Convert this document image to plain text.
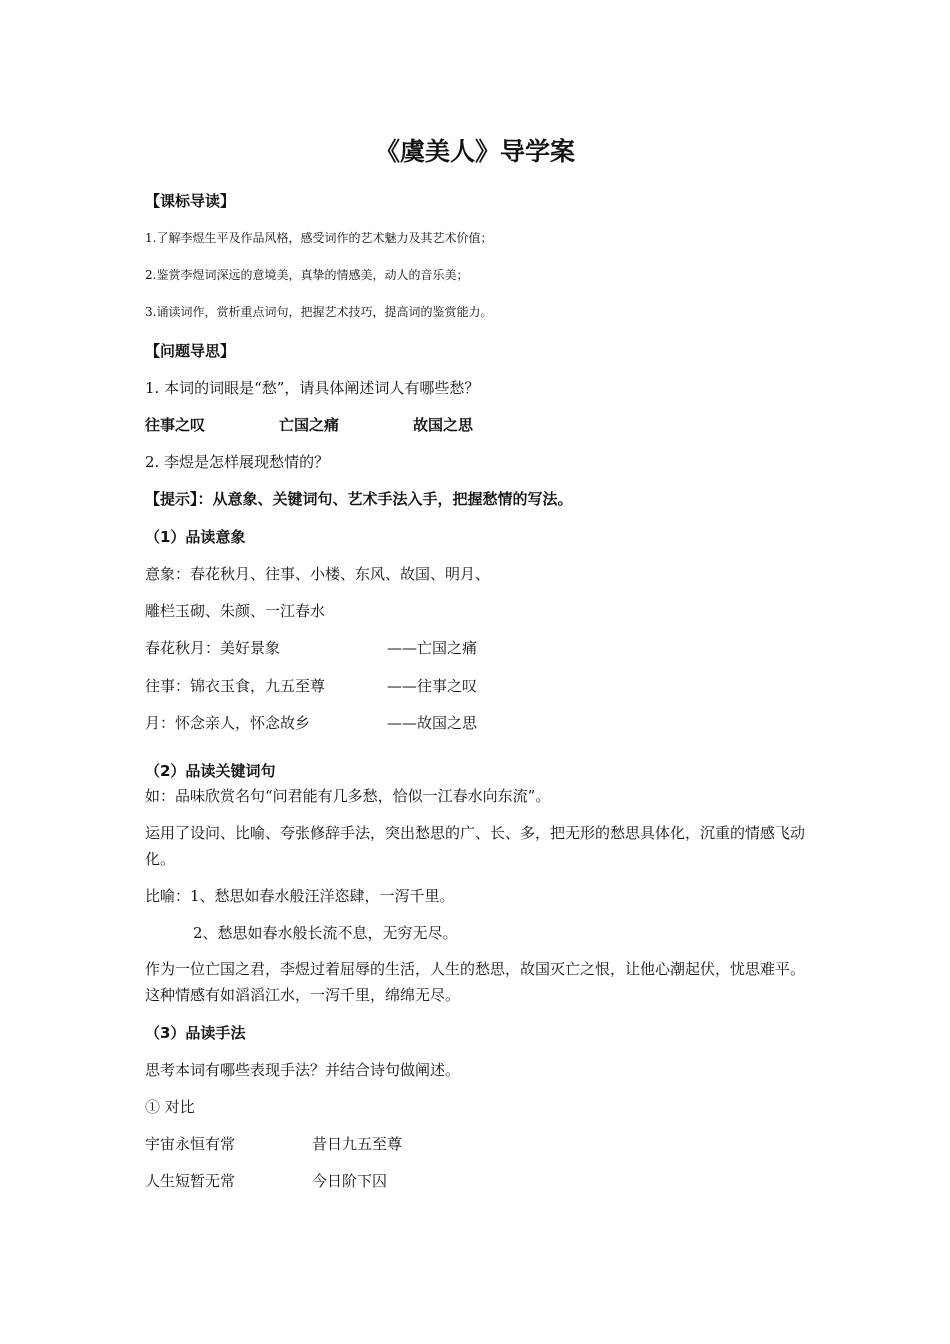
《虞美人》导学案
【课标导读】
1.了解李煜生平及作品风格，感受词作的艺术魅力及其艺术价值；
2.鉴赏李煜词深远的意境美，真挚的情感美，动人的音乐美；
3.诵读词作，赏析重点词句，把握艺术技巧，提高词的鉴赏能力。
【问题导思】
1. 本词的词眼是“愁”，请具体阐述词人有哪些愁？
往事之叹	亡国之痛	故国之思
2. 李煜是怎样展现愁情的？
【提示】：从意象、关键词句、艺术手法入手，把握愁情的写法。
（1）品读意象
意象：春花秋月、往事、小楼、东风、故国、明月、
雕栏玉砌、朱颜、一江春水
春花秋月：美好景象	——亡国之痛
往事：锦衣玉食，九五至尊	——往事之叹
月：怀念亲人，怀念故乡	——故国之思
（2）品读关键词句
如：品味欣赏名句“问君能有几多愁，恰似一江春水向东流”。
运用了设问、比喻、夸张修辞手法，突出愁思的广、长、多，把无形的愁思具体化，沉重的情感飞动化。
比喻：1、愁思如春水般汪洋恣肆，一泻千里。
2、愁思如春水般长流不息，无穷无尽。
作为一位亡国之君，李煜过着屈辱的生活，人生的愁思，故国灭亡之恨，让他心潮起伏，忧思难平。这种情感有如滔滔江水，一泻千里，绵绵无尽。
（3）品读手法
思考本词有哪些表现手法？并结合诗句做阐述。
① 对比
宇宙永恒有常	昔日九五至尊
人生短暂无常	今日阶下囚
